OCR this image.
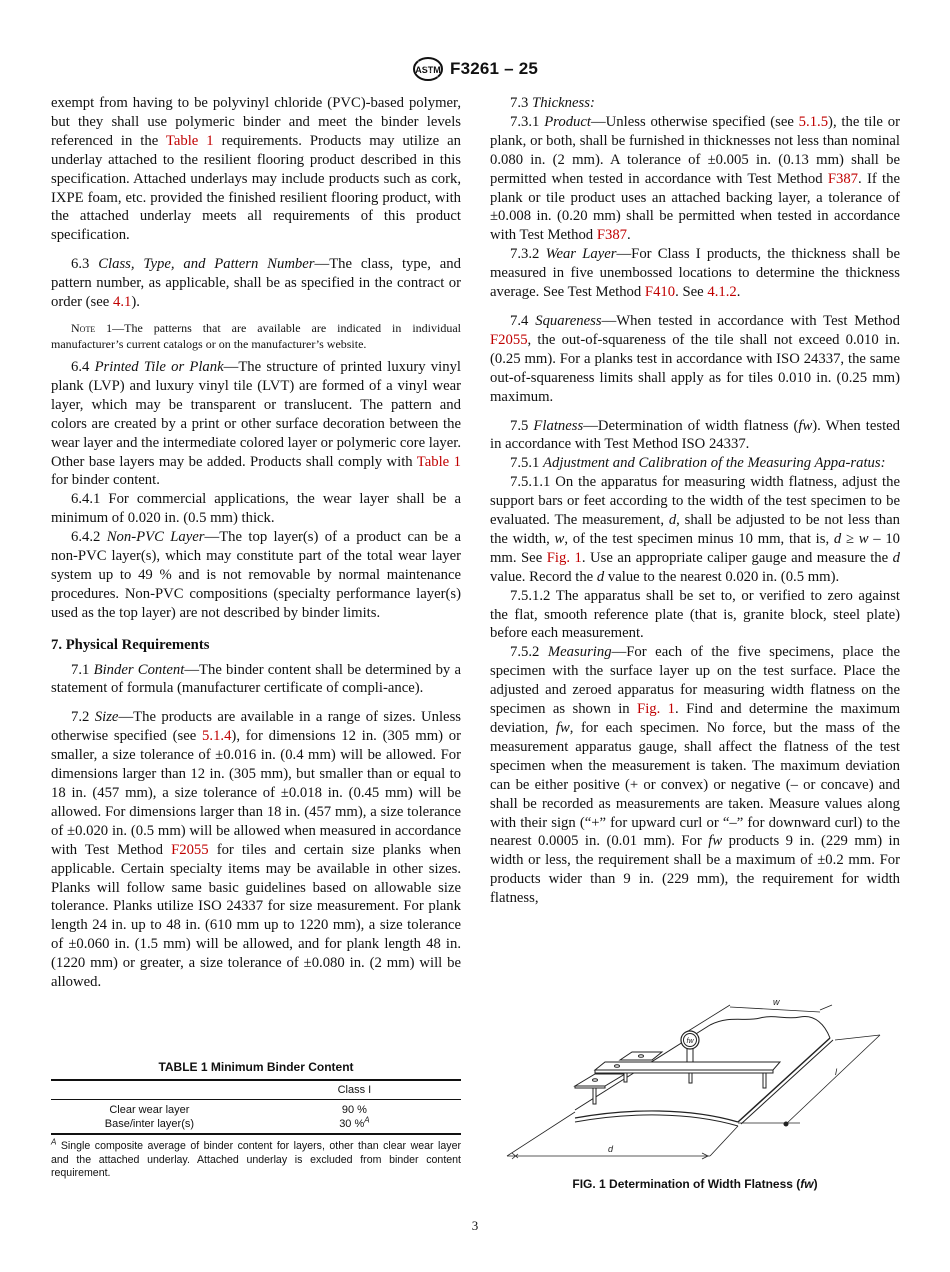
ASTM F3261 – 25

exempt from having to be polyvinyl chloride (PVC)-based polymer, but they shall use polymeric binder and meet the binder levels referenced in the Table 1 requirements. Products may utilize an underlay attached to the resilient flooring product described in this specification. Attached underlays may include products such as cork, IXPE foam, etc. provided the finished resilient flooring product, with the attached underlay meets all requirements of this product specification.

6.3 Class, Type, and Pattern Number—The class, type, and pattern number, as applicable, shall be as specified in the contract or order (see 4.1).

Note 1—The patterns that are available are indicated in individual manufacturer’s current catalogs or on the manufacturer’s website.

6.4 Printed Tile or Plank—The structure of printed luxury vinyl plank (LVP) and luxury vinyl tile (LVT) are formed of a vinyl wear layer, which may be transparent or translucent. The pattern and colors are created by a print or other surface decoration between the wear layer and the intermediate colored layer or polymeric core layer. Other base layers may be added. Products shall comply with Table 1 for binder content.

6.4.1 For commercial applications, the wear layer shall be a minimum of 0.020 in. (0.5 mm) thick.

6.4.2 Non-PVC Layer—The top layer(s) of a product can be a non-PVC layer(s), which may constitute part of the total wear layer system up to 49 % and is not removable by normal maintenance procedures. Non-PVC compositions (specialty performance layer(s) used as the top layer) are not described by binder limits.

7. Physical Requirements

7.1 Binder Content—The binder content shall be determined by a statement of formula (manufacturer certificate of compli-ance).

7.2 Size—The products are available in a range of sizes. Unless otherwise specified (see 5.1.4), for dimensions 12 in. (305 mm) or smaller, a size tolerance of ±0.016 in. (0.4 mm) will be allowed. For dimensions larger than 12 in. (305 mm), but smaller than or equal to 18 in. (457 mm), a size tolerance of ±0.018 in. (0.45 mm) will be allowed. For dimensions larger than 18 in. (457 mm), a size tolerance of ±0.020 in. (0.5 mm) will be allowed when measured in accordance with Test Method F2055 for tiles and certain size planks when applicable. Certain specialty items may be available in other sizes. Planks will follow same basic guidelines based on allowable size tolerance. Planks utilize ISO 24337 for size measurement. For plank length 24 in. up to 48 in. (610 mm up to 1220 mm), a size tolerance of ±0.060 in. (1.5 mm) will be allowed, and for plank length 48 in. (1220 mm) or greater, a size tolerance of ±0.080 in. (2 mm) will be allowed.

TABLE 1 Minimum Binder Content
	Class I
Clear wear layer	90 %
Base/inter layer(s)	30 %$^A$
$^A$ Single composite average of binder content for layers, other than clear wear layer and the attached underlay. Attached underlay is excluded from binder content requirement.

7.3 Thickness:

7.3.1 Product—Unless otherwise specified (see 5.1.5), the tile or plank, or both, shall be furnished in thicknesses not less than nominal 0.080 in. (2 mm). A tolerance of ±0.005 in. (0.13 mm) shall be permitted when tested in accordance with Test Method F387. If the plank or tile product uses an attached backing layer, a tolerance of ±0.008 in. (0.20 mm) shall be permitted when tested in accordance with Test Method F387.

7.3.2 Wear Layer—For Class I products, the thickness shall be measured in five unembossed locations to determine the thickness average. See Test Method F410. See 4.1.2.

7.4 Squareness—When tested in accordance with Test Method F2055, the out-of-squareness of the tile shall not exceed 0.010 in. (0.25 mm). For a planks test in accordance with ISO 24337, the same out-of-squareness limits shall apply as for tiles 0.010 in. (0.25 mm) maximum.

7.5 Flatness—Determination of width flatness (fw). When tested in accordance with Test Method ISO 24337.

7.5.1 Adjustment and Calibration of the Measuring Appa-ratus:

7.5.1.1 On the apparatus for measuring width flatness, adjust the support bars or feet according to the width of the test specimen to be evaluated. The measurement, d, shall be adjusted to be not less than the width, w, of the test specimen minus 10 mm, that is, d ≥ w – 10 mm. See Fig. 1. Use an appropriate caliper gauge and measure the d value. Record the d value to the nearest 0.020 in. (0.5 mm).

7.5.1.2 The apparatus shall be set to, or verified to zero against the flat, smooth reference plate (that is, granite block, steel plate) before each measurement.

7.5.2 Measuring—For each of the five specimens, place the specimen with the surface layer up on the test surface. Place the adjusted and zeroed apparatus for measuring width flatness on the specimen as shown in Fig. 1. Find and determine the maximum deviation, fw, for each specimen. No force, but the mass of the measurement apparatus gauge, shall affect the flatness of the test specimen when the measurement is taken. The maximum deviation can be either positive (+ or convex) or negative (– or concave) and shall be recorded as measurements are taken. Measure values along with their sign (“+” for upward curl or “–” for downward curl) to the nearest 0.0005 in. (0.01 mm). For fw products 9 in. (229 mm) in width or less, the requirement shall be a maximum of ±0.2 mm. For products wider than 9 in. (229 mm), the requirement for width flatness,

d
w
l
fw
FIG. 1 Determination of Width Flatness (fw)
3
